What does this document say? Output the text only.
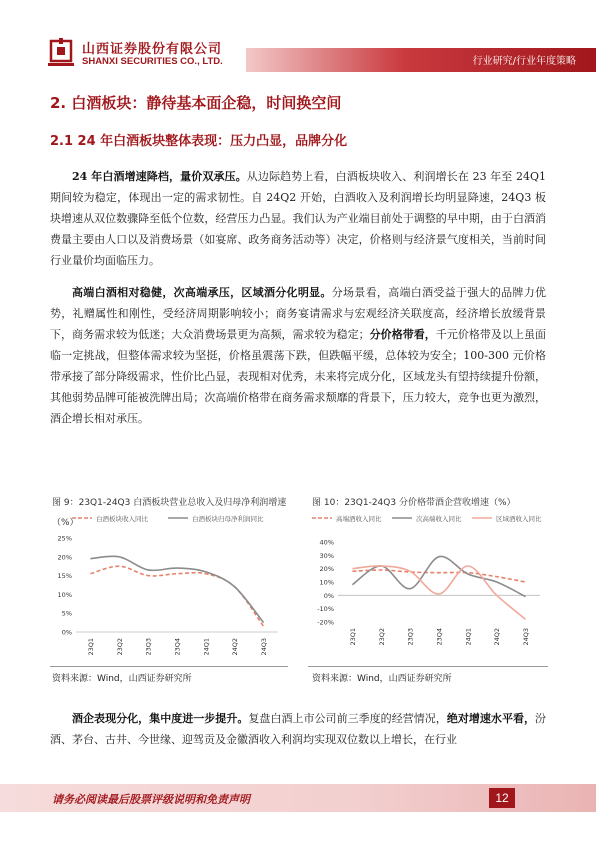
山西证券股份有限公司
SHANXI SECURITIES CO., LTD.	行业研究/行业年度策略
2. 白酒板块：静待基本面企稳，时间换空间
2.1 24 年白酒板块整体表现：压力凸显，品牌分化

24 年白酒增速降档，量价双承压。从边际趋势上看，白酒板块收入、利润增长在 23 年至 24Q1 期间较为稳定，体现出一定的需求韧性。自 24Q2 开始，白酒收入及利润增长均明显降速，24Q3 板块增速从双位数骤降至低个位数，经营压力凸显。我们认为产业端目前处于调整的早中期，由于白酒消费量主要由人口以及消费场景（如宴席、政务商务活动等）决定，价格则与经济景气度相关，当前时间行业量价均面临压力。

高端白酒相对稳健，次高端承压，区域酒分化明显。分场景看，高端白酒受益于强大的品牌力优势，礼赠属性和刚性，受经济周期影响较小；商务宴请需求与宏观经济关联度高，经济增长放缓背景下，商务需求较为低迷；大众消费场景更为高频，需求较为稳定；分价格带看，千元价格带及以上虽面临一定挑战，但整体需求较为坚挺，价格虽震荡下跌，但跌幅平缓，总体较为安全；100-300 元价格带承接了部分降级需求，性价比凸显，表现相对优秀，未来将完成分化，区域龙头有望持续提升份额，其他弱势品牌可能被洗牌出局；次高端价格带在商务需求颓靡的背景下，压力较大，竞争也更为激烈，酒企增长相对承压。

图 9：23Q1-24Q3 白酒板块营业总收入及归母净利润增速（%）
图 10：23Q1-24Q3 分价格带酒企营收增速（%）
白酒板块收入同比	白酒板块归母净利润同比
25%
20%
15%
10%
5%
0%
23Q1	23Q2	23Q3	23Q4	24Q1	24Q2	24Q3
高端酒收入同比	次高端收入同比	区域酒收入同比
40%
30%
20%
10%
0%
-10%
-20%
23Q1	23Q2	23Q3	23Q4	24Q1	24Q2	24Q3
资料来源：Wind，山西证券研究所	资料来源：Wind，山西证券研究所

酒企表现分化，集中度进一步提升。复盘白酒上市公司前三季度的经营情况，绝对增速水平看，汾酒、茅台、古井、今世缘、迎驾贡及金徽酒收入利润均实现双位数以上增长，在行业

请务必阅读最后股票评级说明和免责声明	12
